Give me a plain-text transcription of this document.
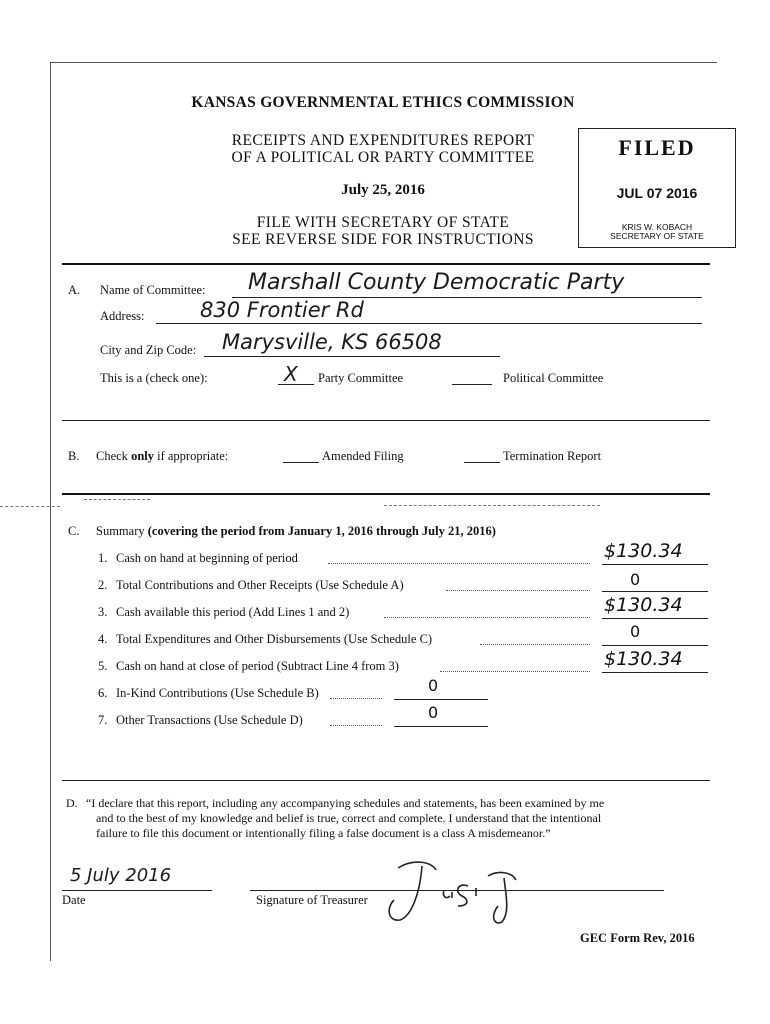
KANSAS GOVERNMENTAL ETHICS COMMISSION
RECEIPTS AND EXPENDITURES REPORT
OF A POLITICAL OR PARTY COMMITTEE
July 25, 2016
FILE WITH SECRETARY OF STATE
SEE REVERSE SIDE FOR INSTRUCTIONS
FILED
JUL 07 2016
KRIS W. KOBACH
SECRETARY OF STATE
A. Name of Committee: Marshall County Democratic Party
Address:	830 Frontier Rd
City and Zip Code: Marysville, KS 66508
This is a (check one):	X Party Committee	Political Committee
B. Check only if appropriate:	Amended Filing	Termination Report
C. Summary (covering the period from January 1, 2016 through July 21, 2016)
1. Cash on hand at beginning of period	$130.34
2. Total Contributions and Other Receipts (Use Schedule A)	0
3. Cash available this period (Add Lines 1 and 2)	$130.34
4. Total Expenditures and Other Disbursements (Use Schedule C)	0
5. Cash on hand at close of period (Subtract Line 4 from 3)	$130.34
6. In-Kind Contributions (Use Schedule B)	0
7. Other Transactions (Use Schedule D)	0
D. “I declare that this report, including any accompanying schedules and statements, has been examined by me
and to the best of my knowledge and belief is true, correct and complete. I understand that the intentional
failure to file this document or intentionally filing a false document is a class A misdemeanor.”
5 July 2016
Date	Signature of Treasurer
GEC Form Rev, 2016
